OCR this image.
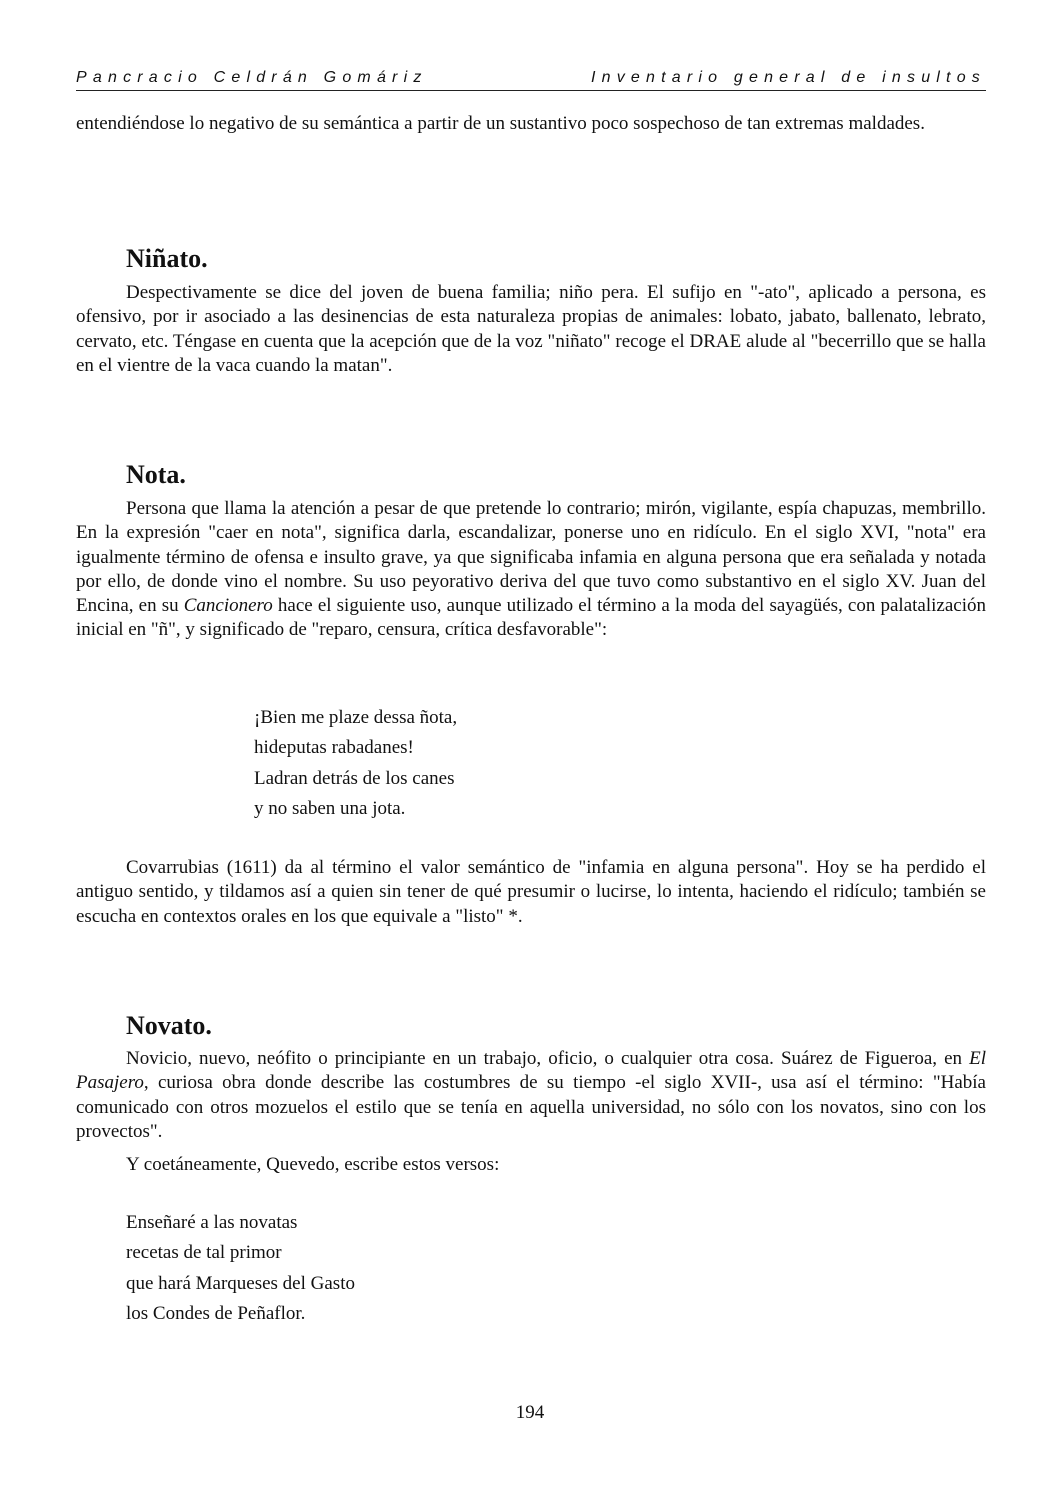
Pancracio Celdrán Gomáriz	Inventario general de insultos

entendiéndose lo negativo de su semántica a partir de un sustantivo poco sospechoso de tan extremas maldades.

Niñato.

Despectivamente se dice del joven de buena familia; niño pera. El sufijo en "-ato", aplicado a persona, es ofensivo, por ir asociado a las desinencias de esta naturaleza propias de animales: lobato, jabato, ballenato, lebrato, cervato, etc. Téngase en cuenta que la acepción que de la voz "niñato" recoge el DRAE alude al "becerrillo que se halla en el vientre de la vaca cuando la matan".

Nota.

Persona que llama la atención a pesar de que pretende lo contrario; mirón, vigilante, espía chapuzas, membrillo. En la expresión "caer en nota", significa darla, escandalizar, ponerse uno en ridículo. En el siglo XVI, "nota" era igualmente término de ofensa e insulto grave, ya que significaba infamia en alguna persona que era señalada y notada por ello, de donde vino el nombre. Su uso peyorativo deriva del que tuvo como substantivo en el siglo XV. Juan del Encina, en su Cancionero hace el siguiente uso, aunque utilizado el término a la moda del sayagüés, con palatalización inicial en "ñ", y significado de "reparo, censura, crítica desfavorable":

¡Bien me plaze dessa ñota,
hideputas rabadanes!
Ladran detrás de los canes
y no saben una jota.

Covarrubias (1611) da al término el valor semántico de "infamia en alguna persona". Hoy se ha perdido el antiguo sentido, y tildamos así a quien sin tener de qué presumir o lucirse, lo intenta, haciendo el ridículo; también se escucha en contextos orales en los que equivale a "listo" *.

Novato.

Novicio, nuevo, neófito o principiante en un trabajo, oficio, o cualquier otra cosa. Suárez de Figueroa, en El Pasajero, curiosa obra donde describe las costumbres de su tiempo -el siglo XVII-, usa así el término: "Había comunicado con otros mozuelos el estilo que se tenía en aquella universidad, no sólo con los novatos, sino con los provectos".

Y coetáneamente, Quevedo, escribe estos versos:

Enseñaré a las novatas
recetas de tal primor
que hará Marqueses del Gasto
los Condes de Peñaflor.
194
